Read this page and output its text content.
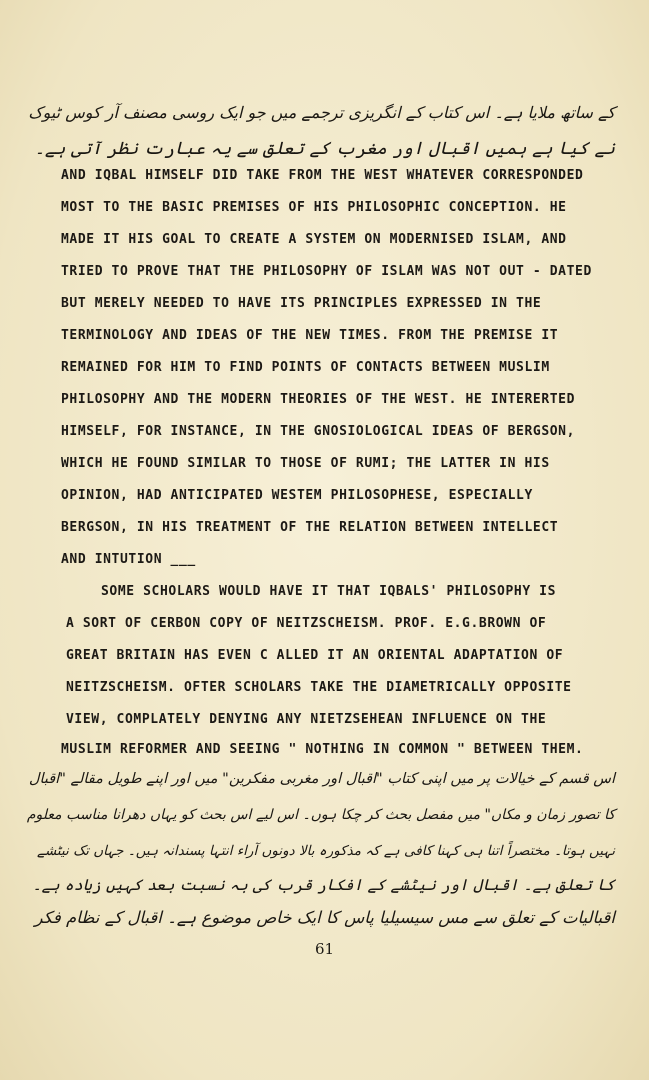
کے ساتھ ملایا ہے۔ اس کتاب کے انگریزی ترجمے میں جو ایک روسی مصنف آر کوس ٹیوک
نے کیا ہے ہمیں اقبال اور مغرب کے تعلق سے یہ عبارت نظر آتی ہے۔
AND IQBAL HIMSELF DID TAKE FROM THE WEST WHATEVER CORRESPONDED
MOST TO THE BASIC PREMISES OF HIS PHILOSOPHIC CONCEPTION. HE
MADE IT HIS GOAL TO CREATE A SYSTEM ON MODERNISED ISLAM, AND
TRIED TO PROVE THAT THE PHILOSOPHY OF ISLAM WAS NOT OUT - DATED
BUT MERELY NEEDED TO HAVE ITS PRINCIPLES EXPRESSED IN THE
TERMINOLOGY AND IDEAS OF THE NEW TIMES. FROM THE PREMISE IT
REMAINED FOR HIM TO FIND POINTS OF CONTACTS BETWEEN MUSLIM
PHILOSOPHY AND THE MODERN THEORIES OF THE WEST. HE INTERERTED
HIMSELF, FOR INSTANCE, IN THE GNOSIOLOGICAL IDEAS OF BERGSON,
WHICH HE FOUND SIMILAR TO THOSE OF RUMI; THE LATTER IN HIS
OPINION, HAD ANTICIPATED WESTEM PHILOSOPHESE, ESPECIALLY
BERGSON, IN HIS TREATMENT OF THE RELATION BETWEEN INTELLECT
AND INTUTION ___
SOME SCHOLARS WOULD HAVE IT THAT IQBALS' PHILOSOPHY IS
A SORT OF CERBON COPY OF NEITZSCHEISM. PROF. E.G.BROWN OF
GREAT BRITAIN HAS EVEN C ALLED IT AN ORIENTAL ADAPTATION OF
NEITZSCHEISM. OFTER SCHOLARS TAKE THE DIAMETRICALLY OPPOSITE
VIEW, COMPLATELY DENYING ANY NIETZSEHEAN INFLUENCE ON THE
MUSLIM REFORMER AND SEEING " NOTHING IN COMMON " BETWEEN THEM.
اس قسم کے خیالات پر میں اپنی کتاب "اقبال اور مغربی مفکرین" میں اور اپنے طویل مقالے "اقبال
کا تصور زمان و مکاں" میں مفصل بحث کر چکا ہوں۔ اس لیے اس بحث کو یہاں دھرانا مناسب معلوم
نہیں ہوتا۔ مختصراً اتنا ہی کہنا کافی ہے کہ مذکورہ بالا دونوں آراء انتہا پسندانہ ہیں۔ جہاں تک نیٹشے
کا تعلق ہے۔ اقبال اور نیٹشے کے افکار قرب کی بہ نسبت بعد کہیں زیادہ ہے۔
اقبالیات کے تعلق سے مس سیسیلیا پاس کا ایک خاص موضوع ہے۔ اقبال کے نظام فکر
61
